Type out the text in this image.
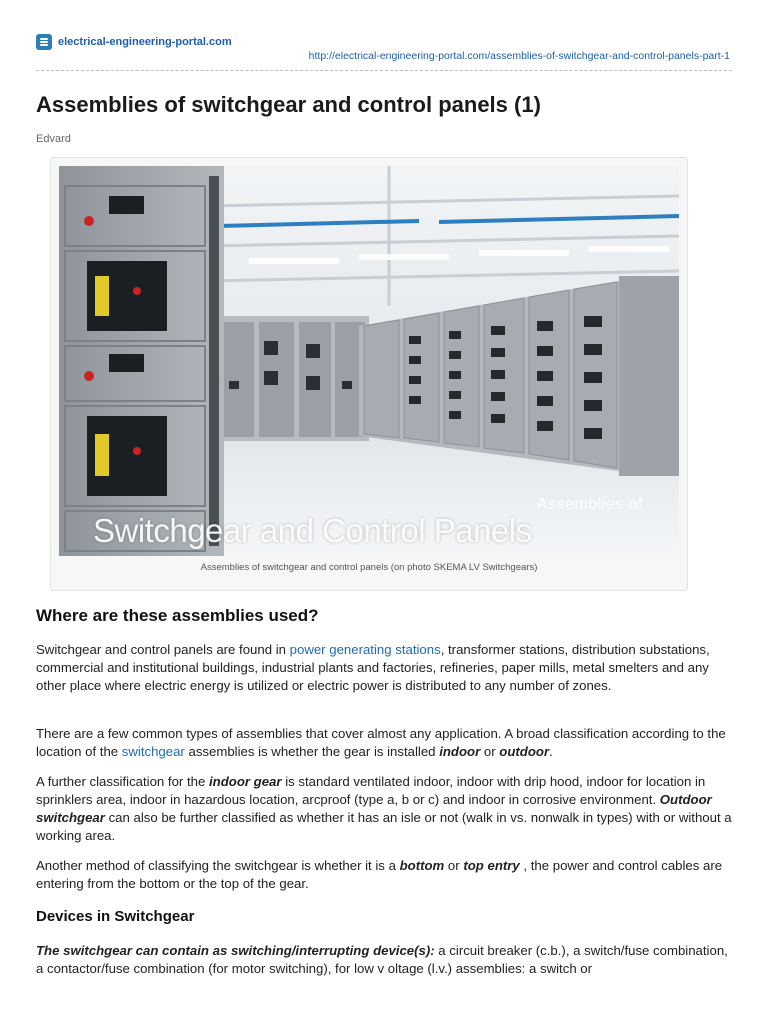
electrical-engineering-portal.com
http://electrical-engineering-portal.com/assemblies-of-switchgear-and-control-panels-part-1
Assemblies of switchgear and control panels (1)
Edvard
Assemblies of
Switchgear and Control Panels
Assemblies of switchgear and control panels (on photo SKEMA LV Switchgears)
Where are these assemblies used?

Switchgear and control panels are found in power generating stations, transformer stations, distribution substations, commercial and institutional buildings, industrial plants and factories, refineries, paper mills, metal smelters and any other place where electric energy is utilized or electric power is distributed to any number of zones.

There are a few common types of assemblies that cover almost any application. A broad classification according to the location of the switchgear assemblies is whether the gear is installed indoor or outdoor.

A further classification for the indoor gear is standard ventilated indoor, indoor with drip hood, indoor for location in sprinklers area, indoor in hazardous location, arcproof (type a, b or c) and indoor in corrosive environment. Outdoor switchgear can also be further classified as whether it has an isle or not (walk in vs. nonwalk in types) with or without a working area.

Another method of classifying the switchgear is whether it is a bottom or top entry , the power and control cables are entering from the bottom or the top of the gear.

Devices in Switchgear

The switchgear can contain as switching/interrupting device(s): a circuit breaker (c.b.), a switch/fuse combination, a contactor/fuse combination (for motor switching), for low v oltage (l.v.) assemblies: a switch or
